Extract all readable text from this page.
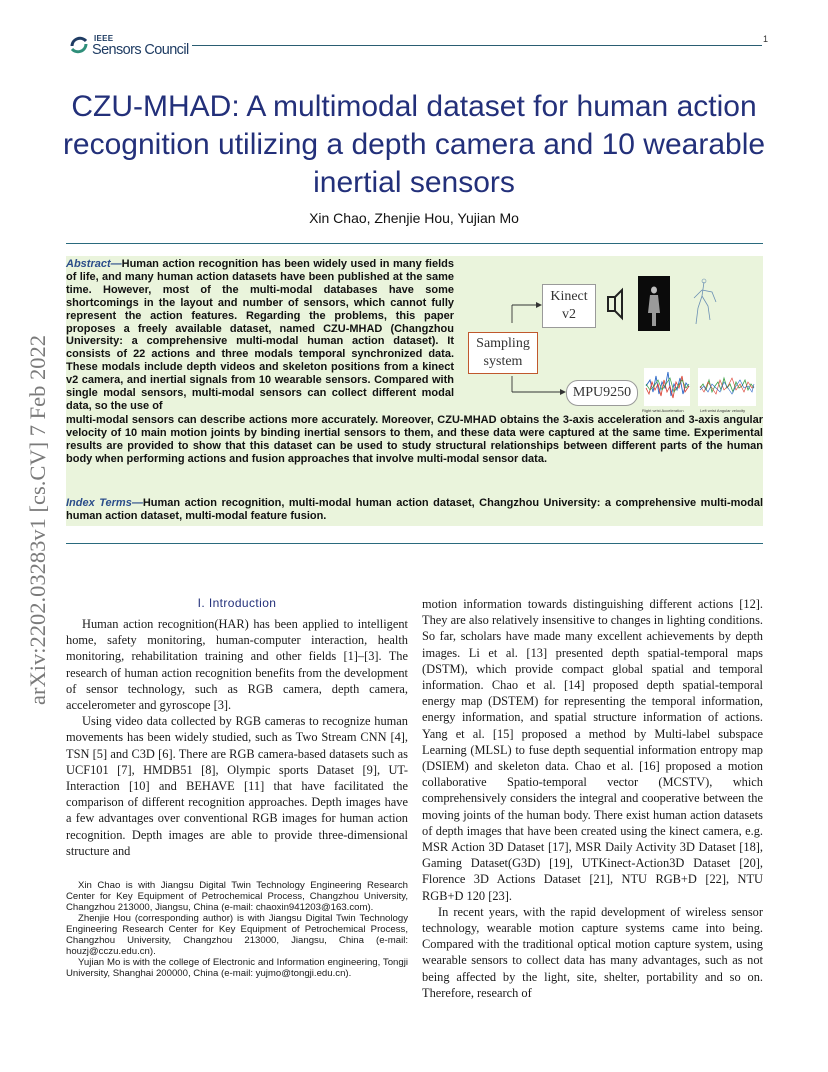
IEEE
Sensors Council
1
CZU-MHAD: A multimodal dataset for human action recognition utilizing a depth camera and 10 wearable inertial sensors
Xin Chao, Zhenjie Hou, Yujian Mo

Abstract—Human action recognition has been widely used in many fields of life, and many human action datasets have been published at the same time. However, most of the multi-modal databases have some shortcomings in the layout and number of sensors, which cannot fully represent the action features. Regarding the problems, this paper proposes a freely available dataset, named CZU-MHAD (Changzhou University: a comprehensive multi-modal human action dataset). It consists of 22 actions and three modals temporal synchronized data. These modals include depth videos and skeleton positions from a kinect v2 camera, and inertial signals from 10 wearable sensors. Compared with single modal sensors, multi-modal sensors can collect different modal data, so the use of

multi-modal sensors can describe actions more accurately. Moreover, CZU-MHAD obtains the 3-axis acceleration and 3-axis angular velocity of 10 main motion joints by binding inertial sensors to them, and these data were captured at the same time. Experimental results are provided to show that this dataset can be used to study structural relationships between different parts of the human body when performing actions and fusion approaches that involve multi-modal sensor data.

Index Terms—Human action recognition, multi-modal human action dataset, Changzhou University: a comprehensive multi-modal human action dataset, multi-modal feature fusion.

Kinect
v2
Sampling
system
MPU9250
Right wrist Acceleration	Left wrist Angular velocity
arXiv:2202.03283v1 [cs.CV] 7 Feb 2022	I. Introduction

Human action recognition(HAR) has been applied to intelligent home, safety monitoring, human-computer interaction, health monitoring, rehabilitation training and other fields [1]–[3]. The research of human action recognition benefits from the development of sensor technology, such as RGB camera, depth camera, accelerometer and gyroscope [3].

Using video data collected by RGB cameras to recognize human movements has been widely studied, such as Two Stream CNN [4], TSN [5] and C3D [6]. There are RGB camera-based datasets such as UCF101 [7], HMDB51 [8], Olympic sports Dataset [9], UT-Interaction [10] and BEHAVE [11] that have facilitated the comparison of different recognition approaches. Depth images have a few advantages over conventional RGB images for human action recognition. Depth images are able to provide three-dimensional structure and

Xin Chao is with Jiangsu Digital Twin Technology Engineering Research Center for Key Equipment of Petrochemical Process, Changzhou University, Changzhou 213000, Jiangsu, China (e-mail: chaoxin941203@163.com).

Zhenjie Hou (corresponding author) is with Jiangsu Digital Twin Technology Engineering Research Center for Key Equipment of Petrochemical Process, Changzhou University, Changzhou 213000, Jiangsu, China (e-mail: houzj@cczu.edu.cn).

Yujian Mo is with the college of Electronic and Information engineering, Tongji University, Shanghai 200000, China (e-mail: yujmo@tongji.edu.cn).

motion information towards distinguishing different actions [12]. They are also relatively insensitive to changes in lighting conditions. So far, scholars have made many excellent achievements by depth images. Li et al. [13] presented depth spatial-temporal maps (DSTM), which provide compact global spatial and temporal information. Chao et al. [14] proposed depth spatial-temporal energy map (DSTEM) for representing the temporal information, energy information, and spatial structure information of actions. Yang et al. [15] proposed a method by Multi-label subspace Learning (MLSL) to fuse depth sequential information entropy map (DSIEM) and skeleton data. Chao et al. [16] proposed a motion collaborative Spatio-temporal vector (MCSTV), which comprehensively considers the integral and cooperative between the moving joints of the human body. There exist human action datasets of depth images that have been created using the kinect camera, e.g. MSR Action 3D Dataset [17], MSR Daily Activity 3D Dataset [18], Gaming Dataset(G3D) [19], UTKinect-Action3D Dataset [20], Florence 3D Actions Dataset [21], NTU RGB+D [22], NTU RGB+D 120 [23].

In recent years, with the rapid development of wireless sensor technology, wearable motion capture systems came into being. Compared with the traditional optical motion capture system, using wearable sensors to collect data has many advantages, such as not being affected by the light, site, shelter, portability and so on. Therefore, research of
